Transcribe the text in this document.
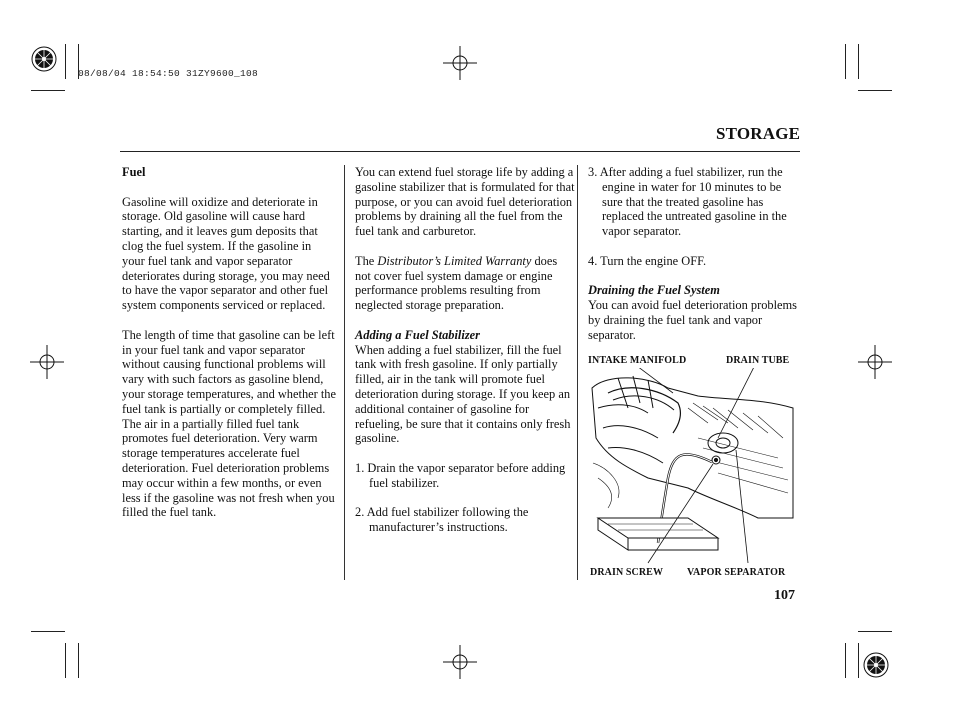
08/08/04 18:54:50 31ZY9600_108
STORAGE

Fuel

Gasoline will oxidize and deteriorate in storage. Old gasoline will cause hard starting, and it leaves gum deposits that clog the fuel system. If the gasoline in your fuel tank and vapor separator deteriorates during storage, you may need to have the vapor separator and other fuel system components serviced or replaced.

The length of time that gasoline can be left in your fuel tank and vapor separator without causing functional problems will vary with such factors as gasoline blend, your storage temperatures, and whether the fuel tank is partially or completely filled. The air in a partially filled fuel tank promotes fuel deterioration. Very warm storage temperatures accelerate fuel deterioration. Fuel deterioration problems may occur within a few months, or even less if the gasoline was not fresh when you filled the fuel tank.

You can extend fuel storage life by adding a gasoline stabilizer that is formulated for that purpose, or you can avoid fuel deterioration problems by draining all the fuel from the fuel tank and carburetor.

The Distributor’s Limited Warranty does not cover fuel system damage or engine performance problems resulting from neglected storage preparation.

Adding a Fuel Stabilizer

When adding a fuel stabilizer, fill the fuel tank with fresh gasoline. If only partially filled, air in the tank will promote fuel deterioration during storage. If you keep an additional container of gasoline for refueling, be sure that it contains only fresh gasoline.

1. Drain the vapor separator before adding fuel stabilizer.

2. Add fuel stabilizer following the manufacturer’s instructions.

3. After adding a fuel stabilizer, run the engine in water for 10 minutes to be sure that the treated gasoline has replaced the untreated gasoline in the vapor separator.

4. Turn the engine OFF.

Draining the Fuel System

You can avoid fuel deterioration problems by draining the fuel tank and vapor separator.

INTAKE MANIFOLD	DRAIN TUBE
DRAIN SCREW VAPOR SEPARATOR
107
